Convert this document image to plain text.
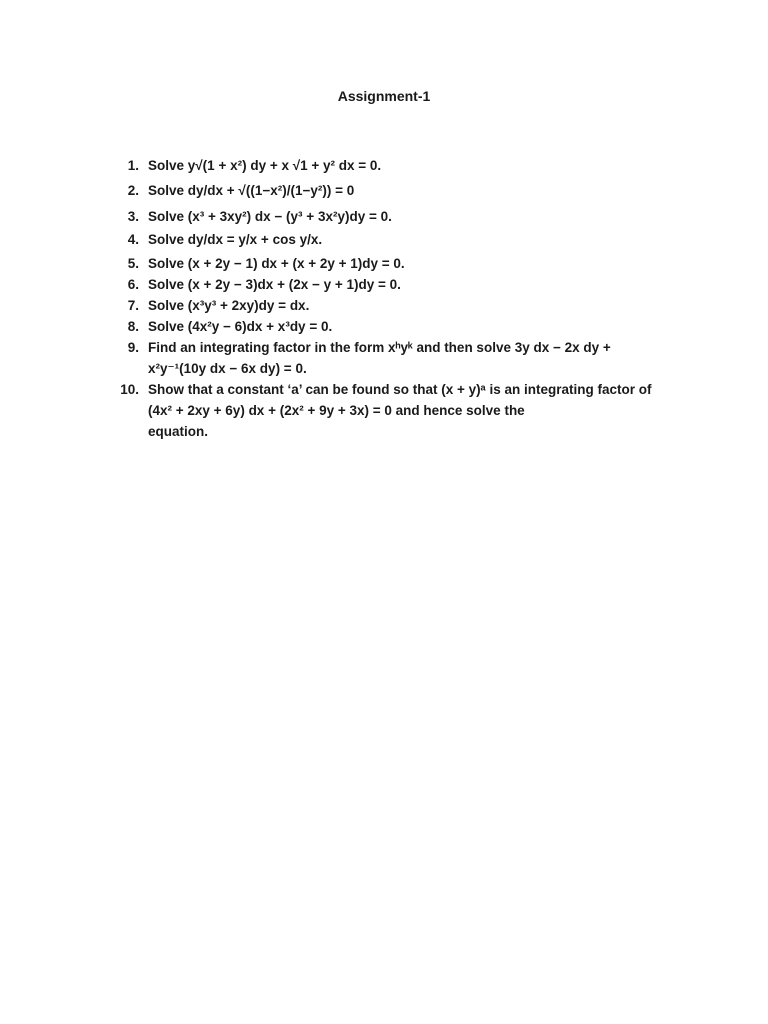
Assignment-1
1. Solve y√(1 + x²) dy + x √1 + y² dx = 0.
2. Solve dy/dx + √((1−x²)/(1−y²)) = 0
3. Solve (x³ + 3xy²) dx − (y³ + 3x²y)dy = 0.
4. Solve dy/dx = y/x + cos y/x.
5. Solve (x + 2y − 1) dx + (x + 2y + 1)dy = 0.
6. Solve (x + 2y − 3)dx + (2x − y + 1)dy = 0.
7. Solve (x³y³ + 2xy)dy = dx.
8. Solve (4x²y − 6)dx + x³dy = 0.
9. Find an integrating factor in the form xʰyᵏ and then solve 3y dx − 2x dy +
x²y⁻¹(10y dx − 6x dy) = 0.
10. Show that a constant ‘a’ can be found so that (x + y)ᵃ is an integrating factor of
(4x² + 2xy + 6y) dx + (2x² + 9y + 3x) = 0 and hence solve the
equation.
